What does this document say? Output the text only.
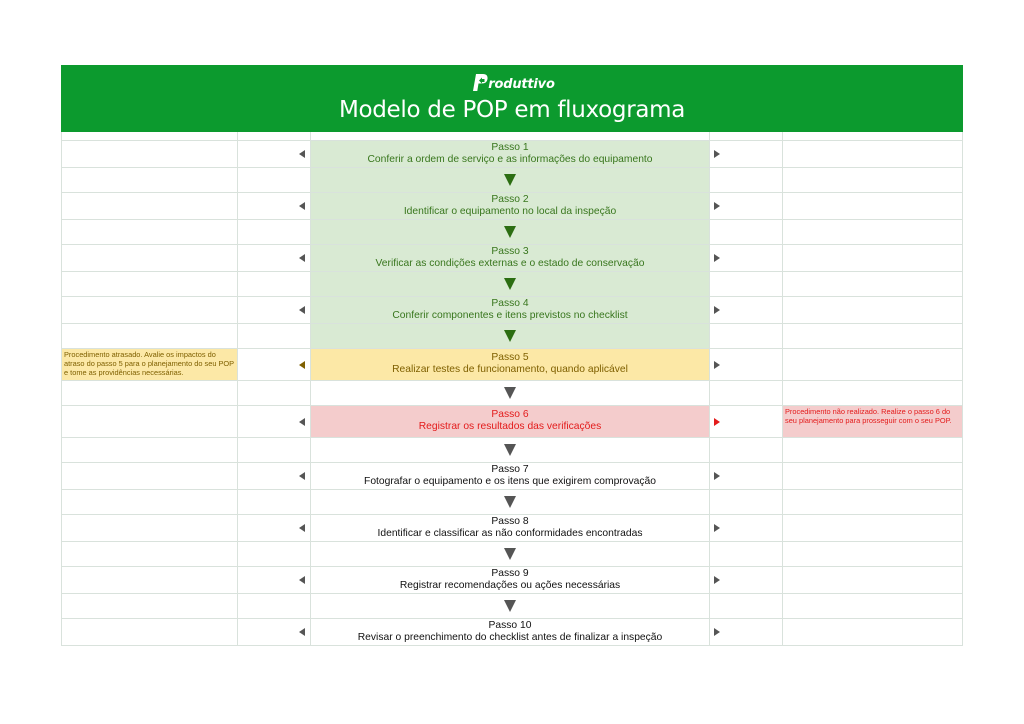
roduttivo
Modelo de POP em fluxograma
Passo 1
Conferir a ordem de serviço e as informações do equipamento
Passo 2
Identificar o equipamento no local da inspeção
Passo 3
Verificar as condições externas e o estado de conservação
Passo 4
Conferir componentes e itens previstos no checklist
Procedimento atrasado. Avalie os impactos do atraso do passo 5 para o planejamento do seu POP e tome as providências necessárias.
Passo 5
Realizar testes de funcionamento, quando aplicável
Passo 6
Registrar os resultados das verificações
Procedimento não realizado. Realize o passo 6 do seu planejamento para prosseguir com o seu POP.
Passo 7
Fotografar o equipamento e os itens que exigirem comprovação
Passo 8
Identificar e classificar as não conformidades encontradas
Passo 9
Registrar recomendações ou ações necessárias
Passo 10
Revisar o preenchimento do checklist antes de finalizar a inspeção
